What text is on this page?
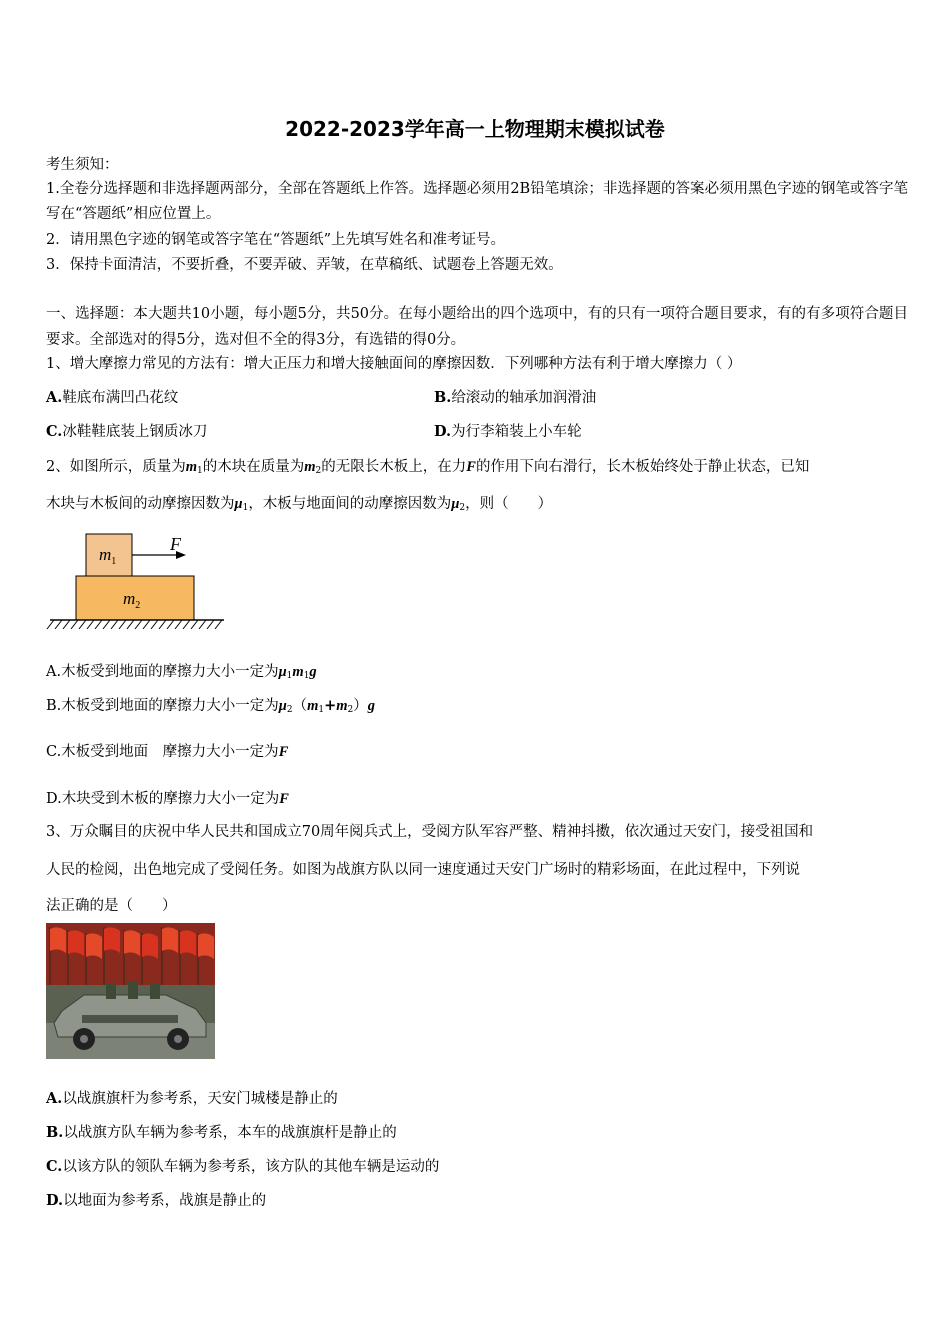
2022-2023学年高一上物理期末模拟试卷
考生须知：
1.全卷分选择题和非选择题两部分，全部在答题纸上作答。选择题必须用2B铅笔填涂；非选择题的答案必须用黑色字迹的钢笔或答字笔写在“答题纸”相应位置上。
2．请用黑色字迹的钢笔或答字笔在“答题纸”上先填写姓名和准考证号。
3．保持卡面清洁，不要折叠，不要弄破、弄皱，在草稿纸、试题卷上答题无效。
一、选择题：本大题共10小题，每小题5分，共50分。在每小题给出的四个选项中，有的只有一项符合题目要求，有的有多项符合题目要求。全部选对的得5分，选对但不全的得3分，有选错的得0分。
1、增大摩擦力常见的方法有：增大正压力和增大接触面间的摩擦因数．下列哪种方法有利于增大摩擦力（ ）
A.鞋底布满凹凸花纹	B.给滚动的轴承加润滑油
C.冰鞋鞋底装上钢质冰刀	D.为行李箱装上小车轮
2、如图所示，质量为$m_1$的木块在质量为$m_2$的无限长木板上，在力F的作用下向右滑行，长木板始终处于静止状态，已知
木块与木板间的动摩擦因数为$\mu_1$，木板与地面间的动摩擦因数为$\mu_2$，则（　　）
$m_1$
$m_2$
F
A.木板受到地面的摩擦力大小一定为$\mu_1m_1g$
B.木板受到地面的摩擦力大小一定为$\mu_2(m_1+m_2)g$
C.木板受到地面　摩擦力大小一定为F
D.木块受到木板的摩擦力大小一定为F
3、万众瞩目的庆祝中华人民共和国成立70周年阅兵式上，受阅方队军容严整、精神抖擞，依次通过天安门，接受祖国和
人民的检阅，出色地完成了受阅任务。如图为战旗方队以同一速度通过天安门广场时的精彩场面，在此过程中，下列说
法正确的是（　　）
A.以战旗旗杆为参考系，天安门城楼是静止的
B.以战旗方队车辆为参考系，本车的战旗旗杆是静止的
C.以该方队的领队车辆为参考系，该方队的其他车辆是运动的
D.以地面为参考系，战旗是静止的
